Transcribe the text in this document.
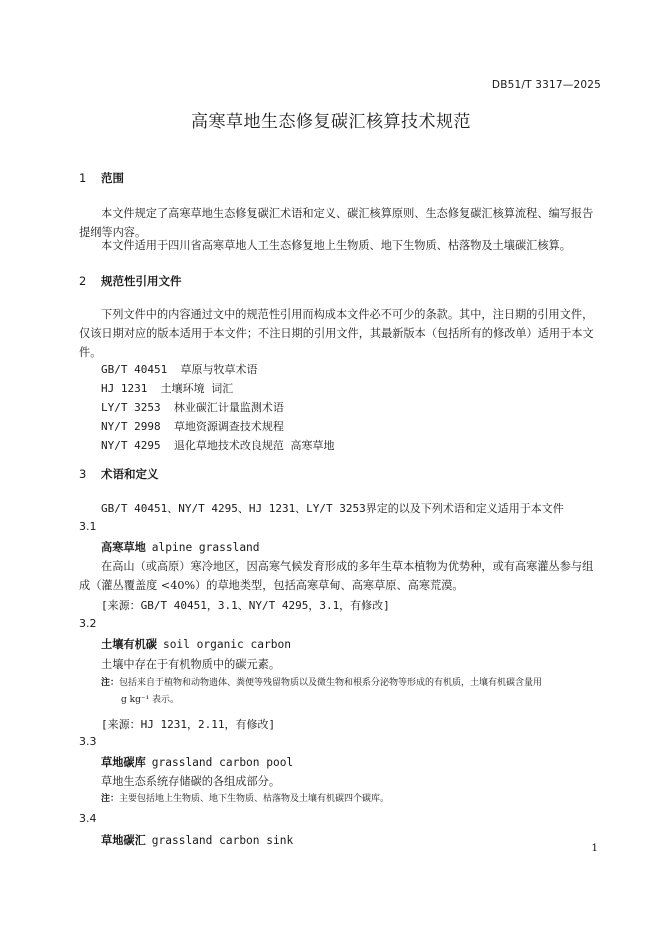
DB51/T 3317—2025
高寒草地生态修复碳汇核算技术规范
1 范围
本文件规定了高寒草地生态修复碳汇术语和定义、碳汇核算原则、生态修复碳汇核算流程、编写报告提纲等内容。
本文件适用于四川省高寒草地人工生态修复地上生物质、地下生物质、枯落物及土壤碳汇核算。
2 规范性引用文件
下列文件中的内容通过文中的规范性引用而构成本文件必不可少的条款。其中，注日期的引用文件，仅该日期对应的版本适用于本文件；不注日期的引用文件，其最新版本（包括所有的修改单）适用于本文件。
GB/T 40451 草原与牧草术语
HJ 1231 土壤环境 词汇
LY/T 3253 林业碳汇计量监测术语
NY/T 2998 草地资源调查技术规程
NY/T 4295 退化草地技术改良规范 高寒草地
3 术语和定义
GB/T 40451、NY/T 4295、HJ 1231、LY/T 3253界定的以及下列术语和定义适用于本文件
3.1
高寒草地 alpine grassland
在高山（或高原）寒冷地区，因高寒气候发育形成的多年生草本植物为优势种，或有高寒灌丛参与组成（灌丛覆盖度 <40%）的草地类型，包括高寒草甸、高寒草原、高寒荒漠。
[来源：GB/T 40451，3.1、NY/T 4295，3.1，有修改]
3.2
土壤有机碳 soil organic carbon
土壤中存在于有机物质中的碳元素。
注：包括来自于植物和动物遗体、粪便等残留物质以及微生物和根系分泌物等形成的有机质，土壤有机碳含量用
g kg⁻¹ 表示。
[来源：HJ 1231，2.11，有修改]
3.3
草地碳库 grassland carbon pool
草地生态系统存储碳的各组成部分。
注：主要包括地上生物质、地下生物质、枯落物及土壤有机碳四个碳库。
3.4
草地碳汇 grassland carbon sink
1
